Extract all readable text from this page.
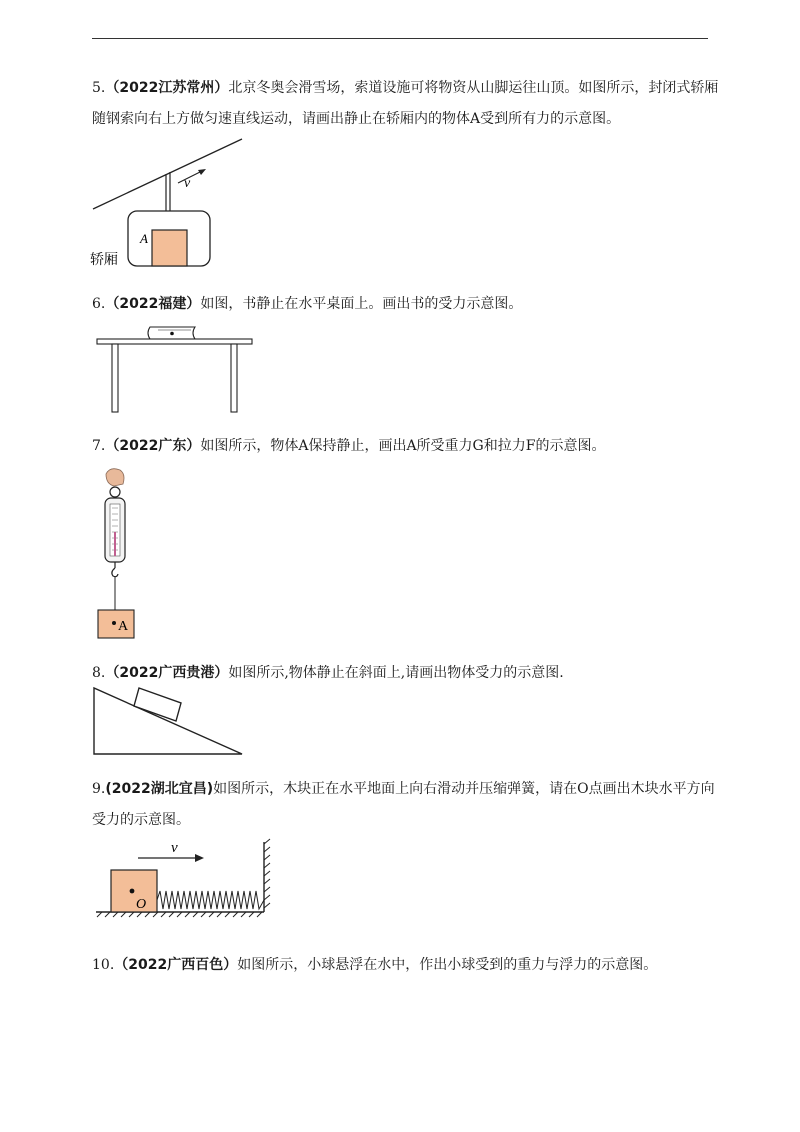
5.（2022江苏常州）北京冬奥会滑雪场，索道设施可将物资从山脚运往山顶。如图所示，封闭式轿厢随钢索向右上方做匀速直线运动，请画出静止在轿厢内的物体A受到所有力的示意图。
v
A
轿厢
6.（2022福建）如图，书静止在水平桌面上。画出书的受力示意图。
7.（2022广东）如图所示，物体A保持静止，画出A所受重力G和拉力F的示意图。
A
8.（2022广西贵港）如图所示,物体静止在斜面上,请画出物体受力的示意图.
9.(2022湖北宜昌)如图所示，木块正在水平地面上向右滑动并压缩弹簧，请在O点画出木块水平方向受力的示意图。
v
O
10.（2022广西百色）如图所示，小球悬浮在水中，作出小球受到的重力与浮力的示意图。
